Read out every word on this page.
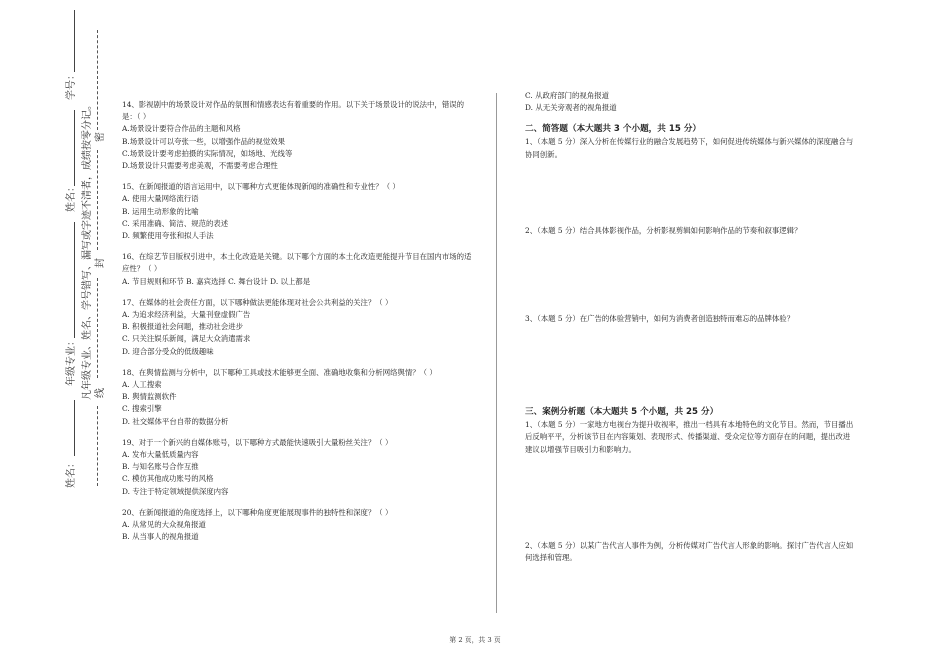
学号：
姓名：
年级专业：
姓名：
凡年级专业、姓名、学号错写、漏写或字迹不清者，成绩按零分记。 密
封
线

14、影视剧中的场景设计对作品的氛围和情感表达有着重要的作用。以下关于场景设计的说法中，错误的是：（ ）

A.场景设计要符合作品的主题和风格

B.场景设计可以夸张一些，以增强作品的视觉效果

C.场景设计要考虑拍摄的实际情况，如场地、光线等

D.场景设计只需要考虑美观，不需要考虑合理性

15、在新闻报道的语言运用中，以下哪种方式更能体现新闻的准确性和专业性？（ ）

A. 使用大量网络流行语

B. 运用生动形象的比喻

C. 采用准确、简洁、规范的表述

D. 频繁使用夸张和拟人手法

16、在综艺节目版权引进中，本土化改造是关键。以下哪个方面的本土化改造更能提升节目在国内市场的适应性？（ ）

A. 节目规则和环节 B. 嘉宾选择 C. 舞台设计 D. 以上都是

17、在媒体的社会责任方面，以下哪种做法更能体现对社会公共利益的关注？（ ）

A. 为追求经济利益，大量刊登虚假广告

B. 积极报道社会问题，推动社会进步

C. 只关注娱乐新闻，满足大众消遣需求

D. 迎合部分受众的低级趣味

18、在舆情监测与分析中，以下哪种工具或技术能够更全面、准确地收集和分析网络舆情？（ ）

A. 人工搜索

B. 舆情监测软件

C. 搜索引擎

D. 社交媒体平台自带的数据分析

19、对于一个新兴的自媒体账号，以下哪种方式最能快速吸引大量粉丝关注？（ ）

A. 发布大量低质量内容

B. 与知名账号合作互推

C. 模仿其他成功账号的风格

D. 专注于特定领域提供深度内容

20、在新闻报道的角度选择上，以下哪种角度更能展现事件的独特性和深度？（ ）

A. 从常见的大众视角报道

B. 从当事人的视角报道

C. 从政府部门的视角报道

D. 从无关旁观者的视角报道

二、简答题（本大题共 3 个小题，共 15 分）

1、（本题 5 分）深入分析在传媒行业的融合发展趋势下，如何促进传统媒体与新兴媒体的深度融合与协同创新。

2、（本题 5 分）结合具体影视作品，分析影视剪辑如何影响作品的节奏和叙事逻辑？

3、（本题 5 分）在广告的体验营销中，如何为消费者创造独特而难忘的品牌体验？

三、案例分析题（本大题共 5 个小题，共 25 分）

1、（本题 5 分）一家地方电视台为提升收视率，推出一档具有本地特色的文化节目。然而，节目播出后反响平平，分析该节目在内容策划、表现形式、传播渠道、受众定位等方面存在的问题，提出改进建议以增强节目吸引力和影响力。

2、（本题 5 分）以某广告代言人事件为例，分析传媒对广告代言人形象的影响。探讨广告代言人应如何选择和管理。

第 2 页，共 3 页
